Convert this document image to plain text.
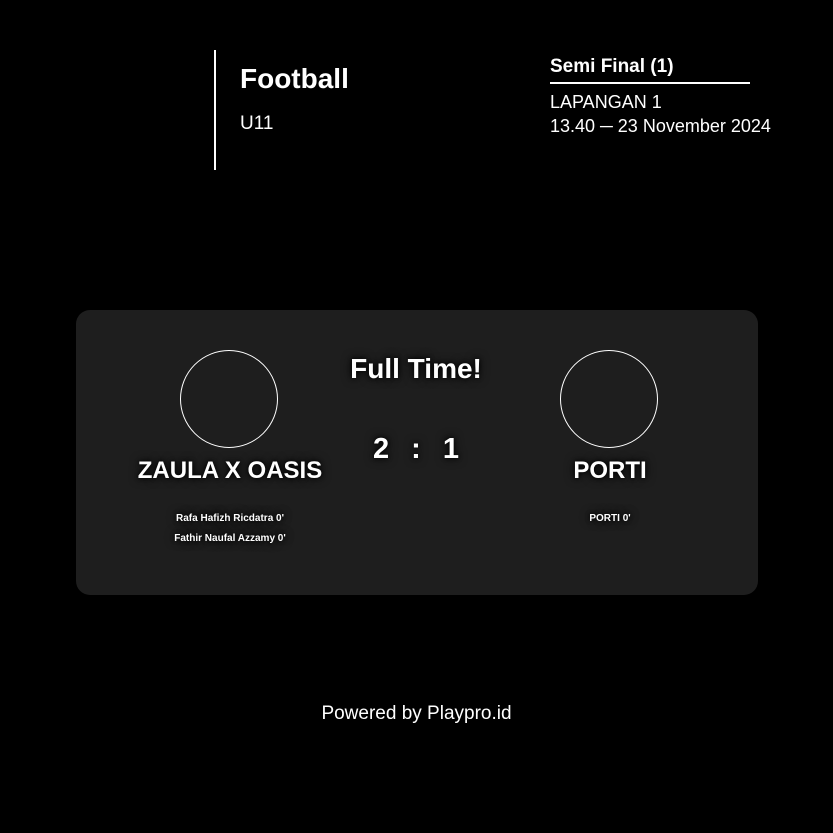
Football
U11
Semi Final (1)
LAPANGAN 1
13.40 ─ 23 November 2024
ZAULA X OASIS
Rafa Hafizh Ricdatra 0'
Fathir Naufal Azzamy 0'
Full Time!
2 : 1
PORTI
PORTI 0'
Powered by Playpro.id
